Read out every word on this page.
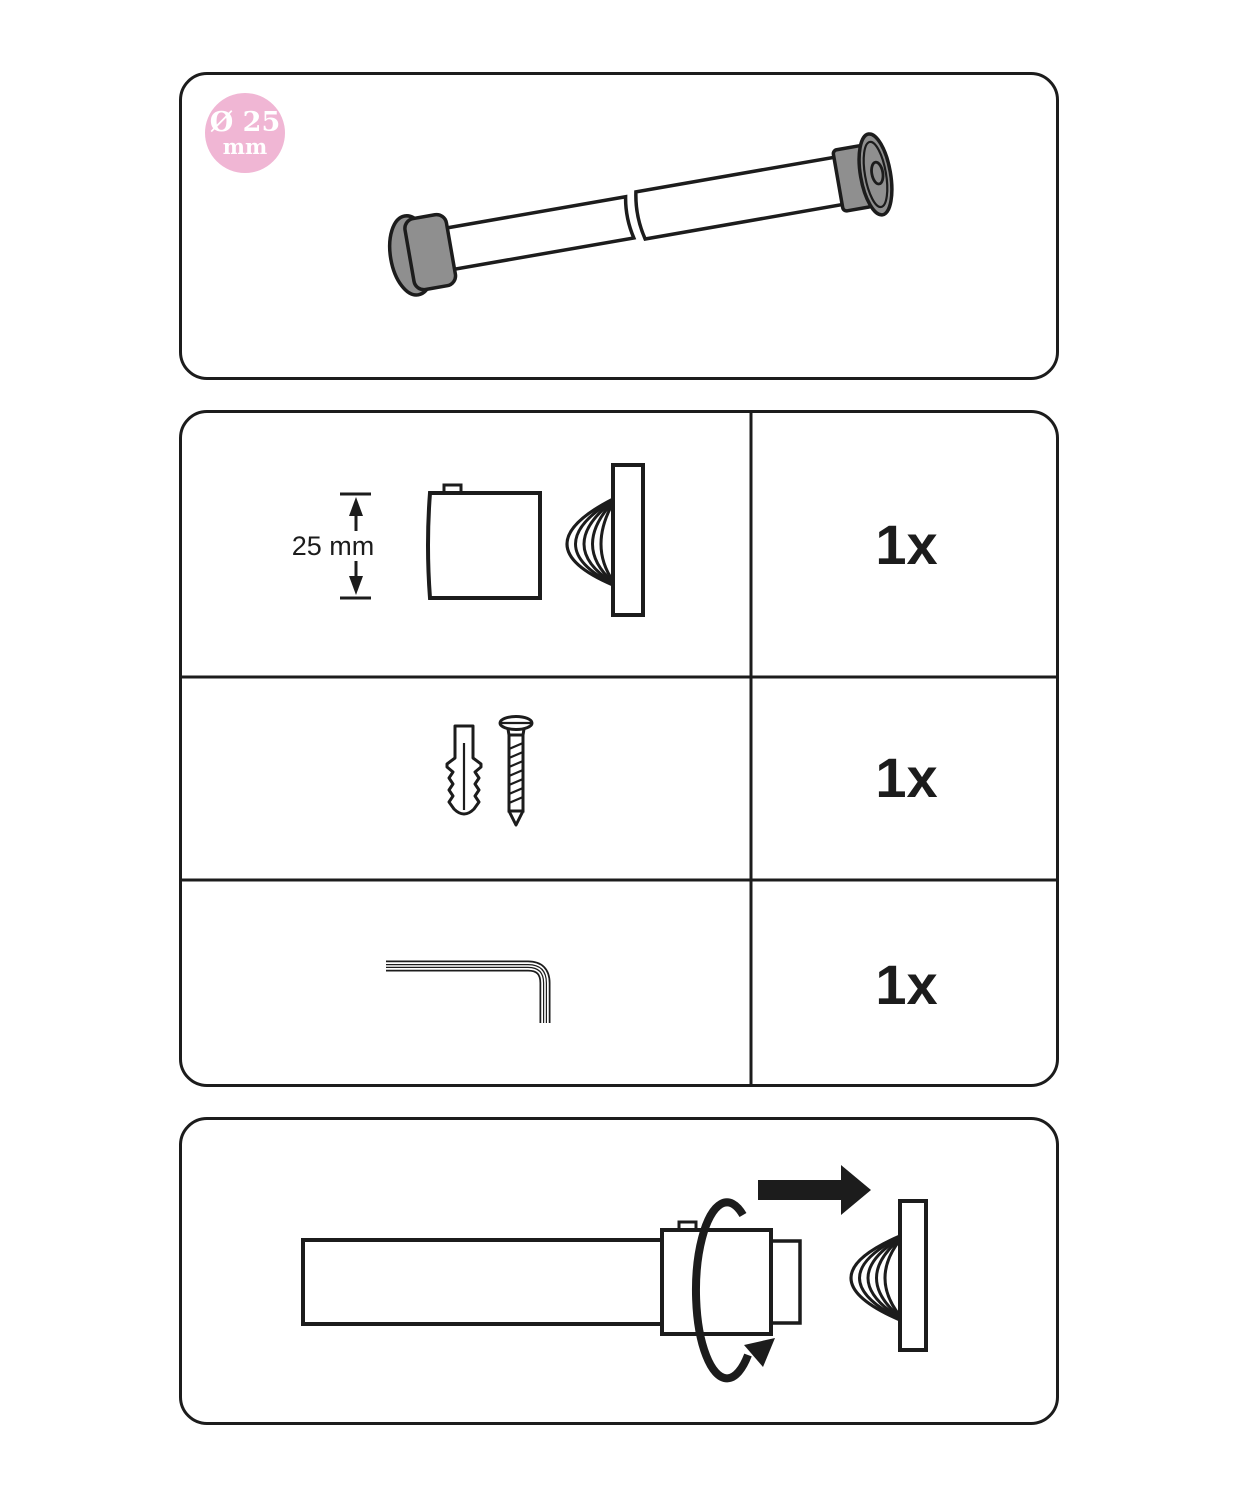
Ø 25
mm
25 mm	1x
1x
1x
